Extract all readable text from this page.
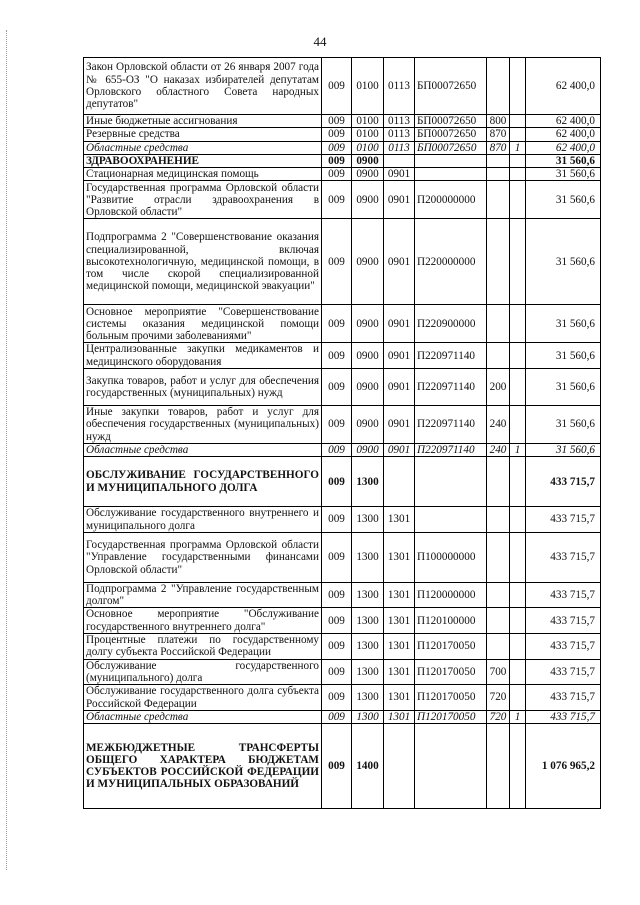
44
Закон Орловской области от 26 января 2007 года № 655-ОЗ "О наказах избирателей депутатам Орловского областного Совета народных депутатов"	009	0100	0113	БП00072650			62 400,0
Иные бюджетные ассигнования	009	0100	0113	БП00072650	800		62 400,0
Резервные средства	009	0100	0113	БП00072650	870		62 400,0
Областные средства	009	0100	0113	БП00072650	870	1	62 400,0
ЗДРАВООХРАНЕНИЕ	009	0900					31 560,6
Стационарная медицинская помощь	009	0900	0901				31 560,6
Государственная программа Орловской области "Развитие отрасли здравоохранения в Орловской области"	009	0900	0901	П200000000			31 560,6
Подпрограмма 2 "Совершенствование оказания специализированной, включая высокотехнологичную, медицинской помощи, в том числе скорой специализированной медицинской помощи, медицинской эвакуации"	009	0900	0901	П220000000			31 560,6
Основное мероприятие "Совершенствование системы оказания медицинской помощи больным прочими заболеваниями"	009	0900	0901	П220900000			31 560,6
Централизованные закупки медикаментов и медицинского оборудования	009	0900	0901	П220971140			31 560,6
Закупка товаров, работ и услуг для обеспечения государственных (муниципальных) нужд	009	0900	0901	П220971140	200		31 560,6
Иные закупки товаров, работ и услуг для обеспечения государственных (муниципальных) нужд	009	0900	0901	П220971140	240		31 560,6
Областные средства	009	0900	0901	П220971140	240	1	31 560,6
ОБСЛУЖИВАНИЕ ГОСУДАРСТВЕННОГО И МУНИЦИПАЛЬНОГО ДОЛГА	009	1300					433 715,7
Обслуживание государственного внутреннего и муниципального долга	009	1300	1301				433 715,7
Государственная программа Орловской области "Управление государственными финансами Орловской области"	009	1300	1301	П100000000			433 715,7
Подпрограмма 2 "Управление государственным долгом"	009	1300	1301	П120000000			433 715,7
Основное мероприятие "Обслуживание государственного внутреннего долга"	009	1300	1301	П120100000			433 715,7
Процентные платежи по государственному долгу субъекта Российской Федерации	009	1300	1301	П120170050			433 715,7
Обслуживание государственного (муниципального) долга	009	1300	1301	П120170050	700		433 715,7
Обслуживание государственного долга субъекта Российской Федерации	009	1300	1301	П120170050	720		433 715,7
Областные средства	009	1300	1301	П120170050	720	1	433 715,7
МЕЖБЮДЖЕТНЫЕ ТРАНСФЕРТЫ ОБЩЕГО ХАРАКТЕРА БЮДЖЕТАМ СУБЪЕКТОВ РОССИЙСКОЙ ФЕДЕРАЦИИ И МУНИЦИПАЛЬНЫХ ОБРАЗОВАНИЙ	009	1400					1 076 965,2
